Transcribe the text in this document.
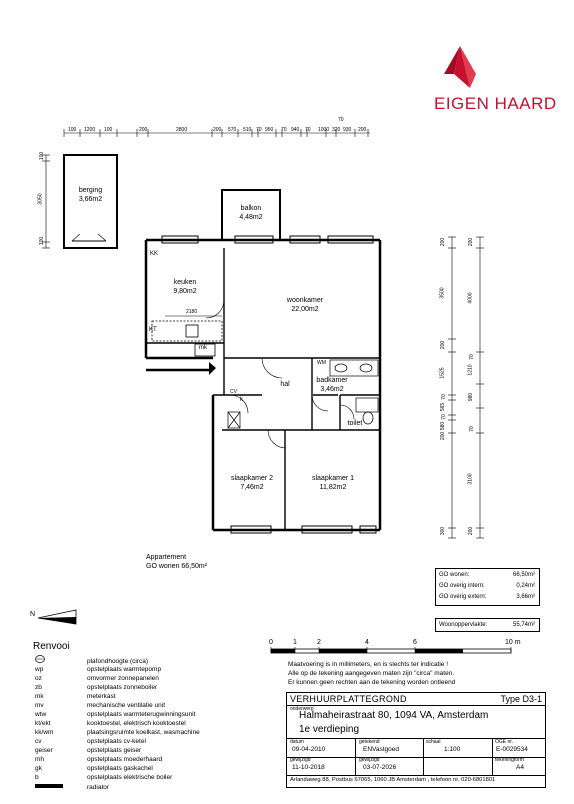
EIGEN HAARD
100 1200 100	200	2800	200 570 510 70 950 70 940 70 1000 320 930 200
70
100
3050
100	200
3500
200
1525
70
565
70
580
200
300
4000
1210
980
3100
200
70
70
200
2180
berging
3,66m2
balkon
4,48m2
keuken
9,80m2
woonkamer
22,00m2
hal
badkamer
3,46m2
toilet
slaapkamer 2
7,46m2
slaapkamer 1
11,82m2
KK
KT
mk
WM
CV
k
Appartement
GO wonen 66,50m²
GO wonen:	66,50m²
GO overig intern:	0,24m²
GO overig extern:	3,66m²
Woonoppervlakte:	55,74m²
N
Renvooi
plafondhoogte (circa)
wp	opstelplaats warmtepomp
oz	omvormer zonnepanelen
zb	opstelplaats zonneboiler
mk	meterkast
mv	mechanische ventilatie unit
wtw	opstelplaats warmteterugwinningsunit
kt/ekt	kooktoestel, elektrisch kooktoestel
kk/wm	plaatsingsruimte koelkast, wasmachine
cv	opstelplaats cv-ketel
geiser	opstelplaats geiser
mh	opstelplaats moederhaard
gk	opstelplaats gaskachel
b	opstelplaats elektrische boiler
radiator
0	1	2	4	6	10 m
Maatvoering is in millimeters, en is slechts ter indicatie !
Alle op de tekening aangegeven maten zijn "circa" maten.
Er kunnen geen rechten aan de tekening worden ontleend
VERHUURPLATTEGROND	Type D3-1
onderwerp
Halmaheirastraat 80, 1094 VA, Amsterdam
1e verdieping
datum
09-04-2010
getekend
ENVastgoed
schaal
1:100
OGE nr.
E-0029534
gewijzigd
11-10-2018
gewijzigd
03-07-2026
tekeningform
A4
Arlandaweg 88, Postbus 67065, 1060 JB Amsterdam , telefoon nr. 020-6801801
